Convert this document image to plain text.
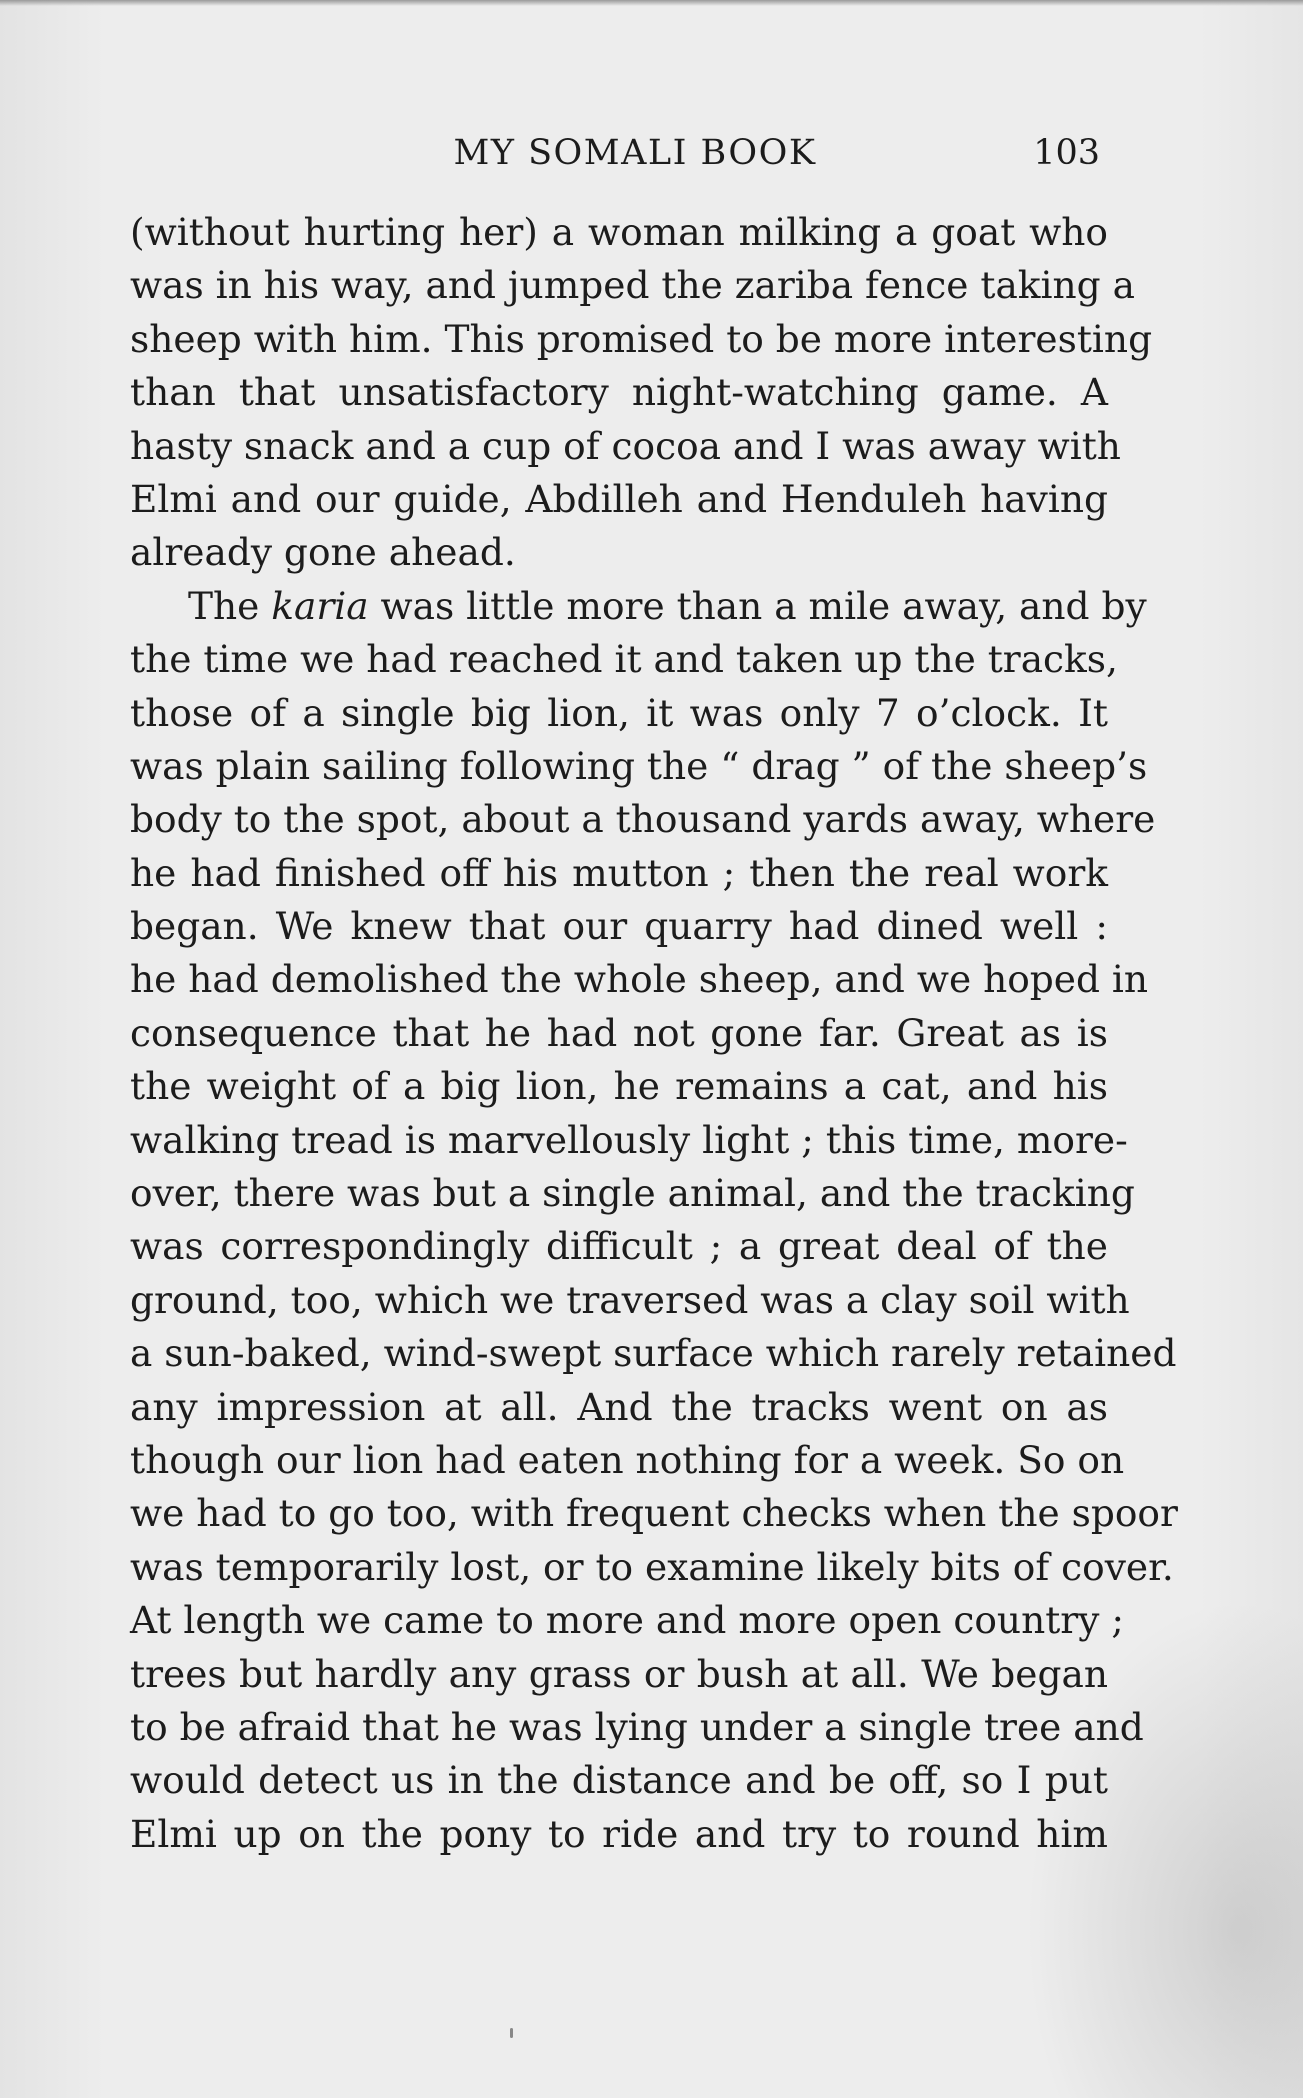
MY SOMALI BOOK	103
(without hurting her) a woman milking a goat who
was in his way, and jumped the zariba fence taking a
sheep with him. This promised to be more interesting
than that unsatisfactory night-watching game. A
hasty snack and a cup of cocoa and I was away with
Elmi and our guide, Abdilleh and Henduleh having
already gone ahead.
The karia was little more than a mile away, and by
the time we had reached it and taken up the tracks,
those of a single big lion, it was only 7 o’clock. It
was plain sailing following the “ drag ” of the sheep’s
body to the spot, about a thousand yards away, where
he had finished off his mutton ; then the real work
began. We knew that our quarry had dined well :
he had demolished the whole sheep, and we hoped in
consequence that he had not gone far. Great as is
the weight of a big lion, he remains a cat, and his
walking tread is marvellously light ; this time, more-
over, there was but a single animal, and the tracking
was correspondingly difficult ; a great deal of the
ground, too, which we traversed was a clay soil with
a sun-baked, wind-swept surface which rarely retained
any impression at all. And the tracks went on as
though our lion had eaten nothing for a week. So on
we had to go too, with frequent checks when the spoor
was temporarily lost, or to examine likely bits of cover.
At length we came to more and more open country ;
trees but hardly any grass or bush at all. We began
to be afraid that he was lying under a single tree and
would detect us in the distance and be off, so I put
Elmi up on the pony to ride and try to round him
